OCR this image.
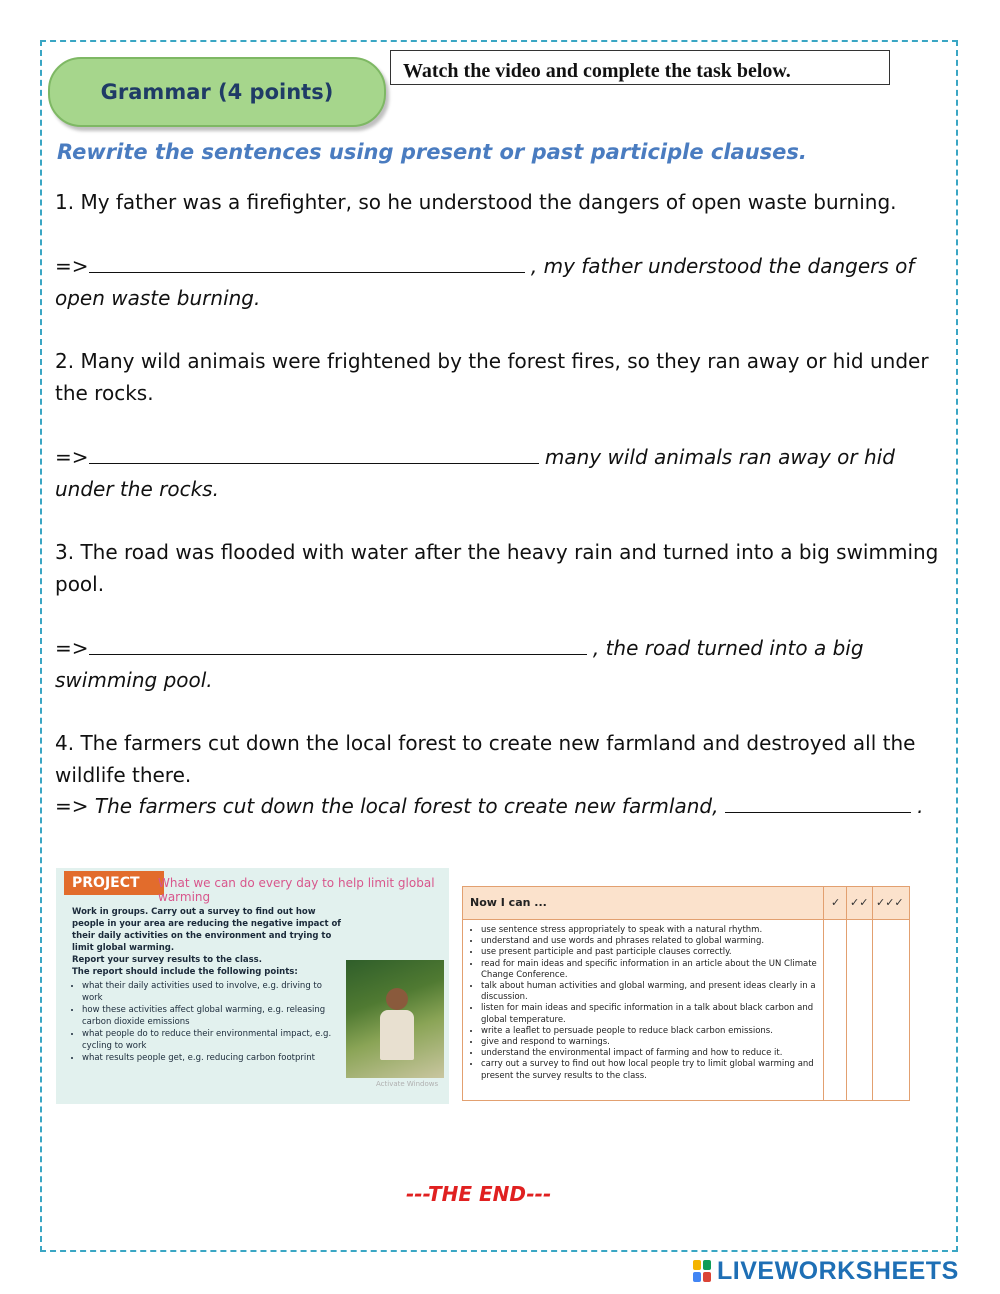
Grammar (4 points)
Watch the video and complete the task below.
Rewrite the sentences using present or past participle clauses.
1. My father was a firefighter, so he understood the dangers of open waste burning.
=>	, my father understood the dangers of open waste burning.
2. Many wild animais were frightened by the forest fires, so they ran away or hid under the rocks.
=>	many wild animals ran away or hid under the rocks.
3. The road was flooded with water after the heavy rain and turned into a big swimming pool.
=>	, the road turned into a big swimming pool.
4. The farmers cut down the local forest to create new farmland and destroyed all the wildlife there.
=> The farmers cut down the local forest to create new farmland,	.
PROJECT	What we can do every day to help limit global warming
Work in groups. Carry out a survey to find out how people in your area are reducing the negative impact of their daily activities on the environment and trying to limit global warming.
Report your survey results to the class.
The report should include the following points:
• what their daily activities used to involve, e.g. driving to work
• how these activities affect global warming, e.g. releasing carbon dioxide emissions
• what people do to reduce their environmental impact, e.g. cycling to work
• what results people get, e.g. reducing carbon footprint
Activate Windows
Now I can ...	✓ ✓✓ ✓✓✓
• use sentence stress appropriately to speak with a natural rhythm.
• understand and use words and phrases related to global warming.
• use present participle and past participle clauses correctly.
• read for main ideas and specific information in an article about the UN Climate Change Conference.
• talk about human activities and global warming, and present ideas clearly in a discussion.
• listen for main ideas and specific information in a talk about black carbon and global temperature.
• write a leaflet to persuade people to reduce black carbon emissions.
• give and respond to warnings.
• understand the environmental impact of farming and how to reduce it.
• carry out a survey to find out how local people try to limit global warming and present the survey results to the class.
---THE END---
LIVEWORKSHEETS
